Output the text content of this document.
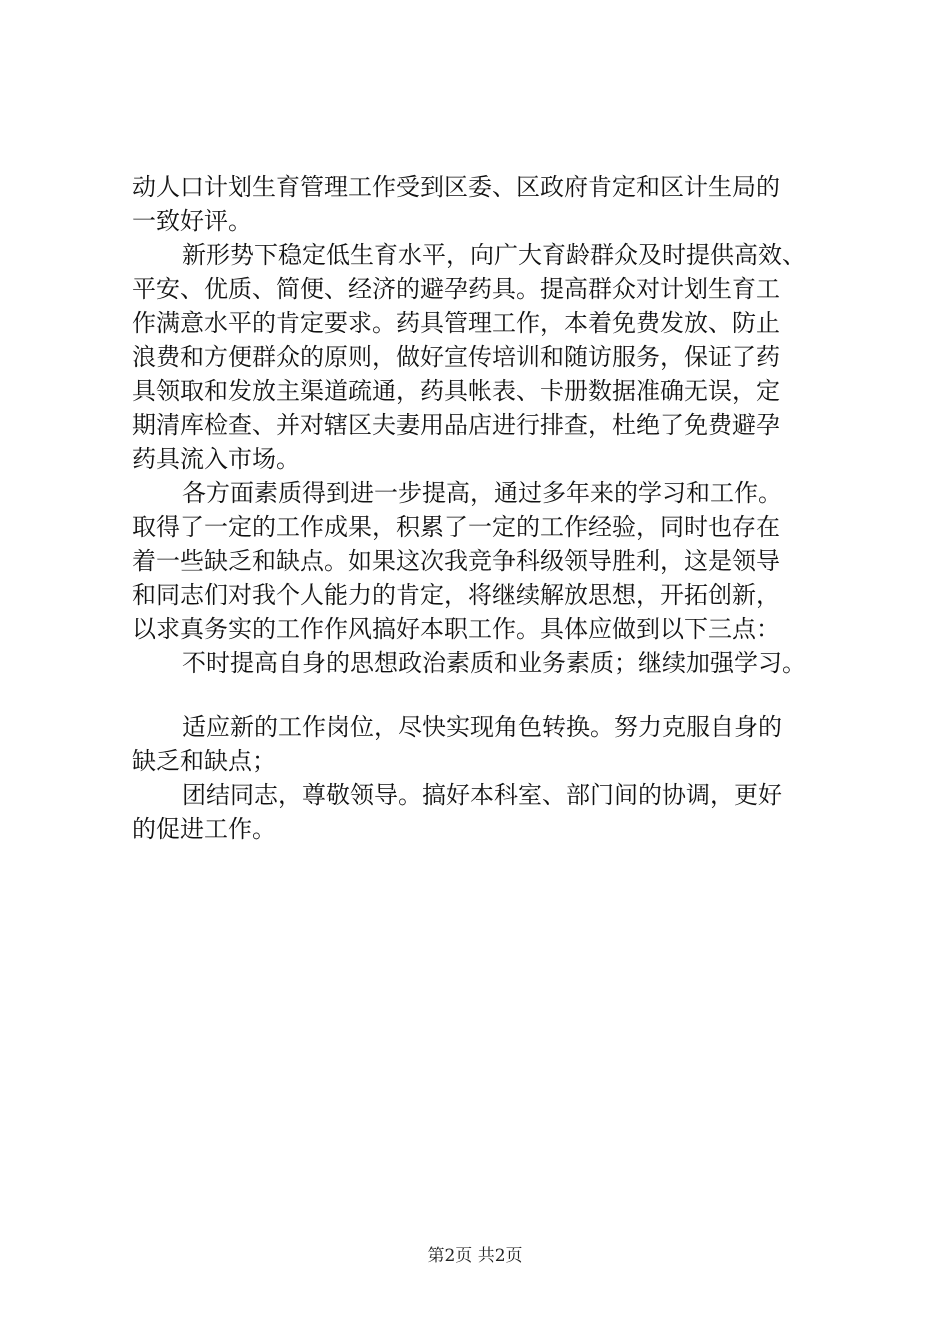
动人口计划生育管理工作受到区委、区政府肯定和区计生局的
一致好评。
新形势下稳定低生育水平，向广大育龄群众及时提供高效、
平安、优质、简便、经济的避孕药具。提高群众对计划生育工
作满意水平的肯定要求。药具管理工作，本着免费发放、防止
浪费和方便群众的原则，做好宣传培训和随访服务，保证了药
具领取和发放主渠道疏通，药具帐表、卡册数据准确无误，定
期清库检查、并对辖区夫妻用品店进行排查，杜绝了免费避孕
药具流入市场。
各方面素质得到进一步提高，通过多年来的学习和工作。
取得了一定的工作成果，积累了一定的工作经验，同时也存在
着一些缺乏和缺点。如果这次我竞争科级领导胜利，这是领导
和同志们对我个人能力的肯定，将继续解放思想，开拓创新，
以求真务实的工作作风搞好本职工作。具体应做到以下三点：
不时提高自身的思想政治素质和业务素质；继续加强学习。
适应新的工作岗位，尽快实现角色转换。努力克服自身的
缺乏和缺点；
团结同志，尊敬领导。搞好本科室、部门间的协调，更好
的促进工作。
第2页 共2页
